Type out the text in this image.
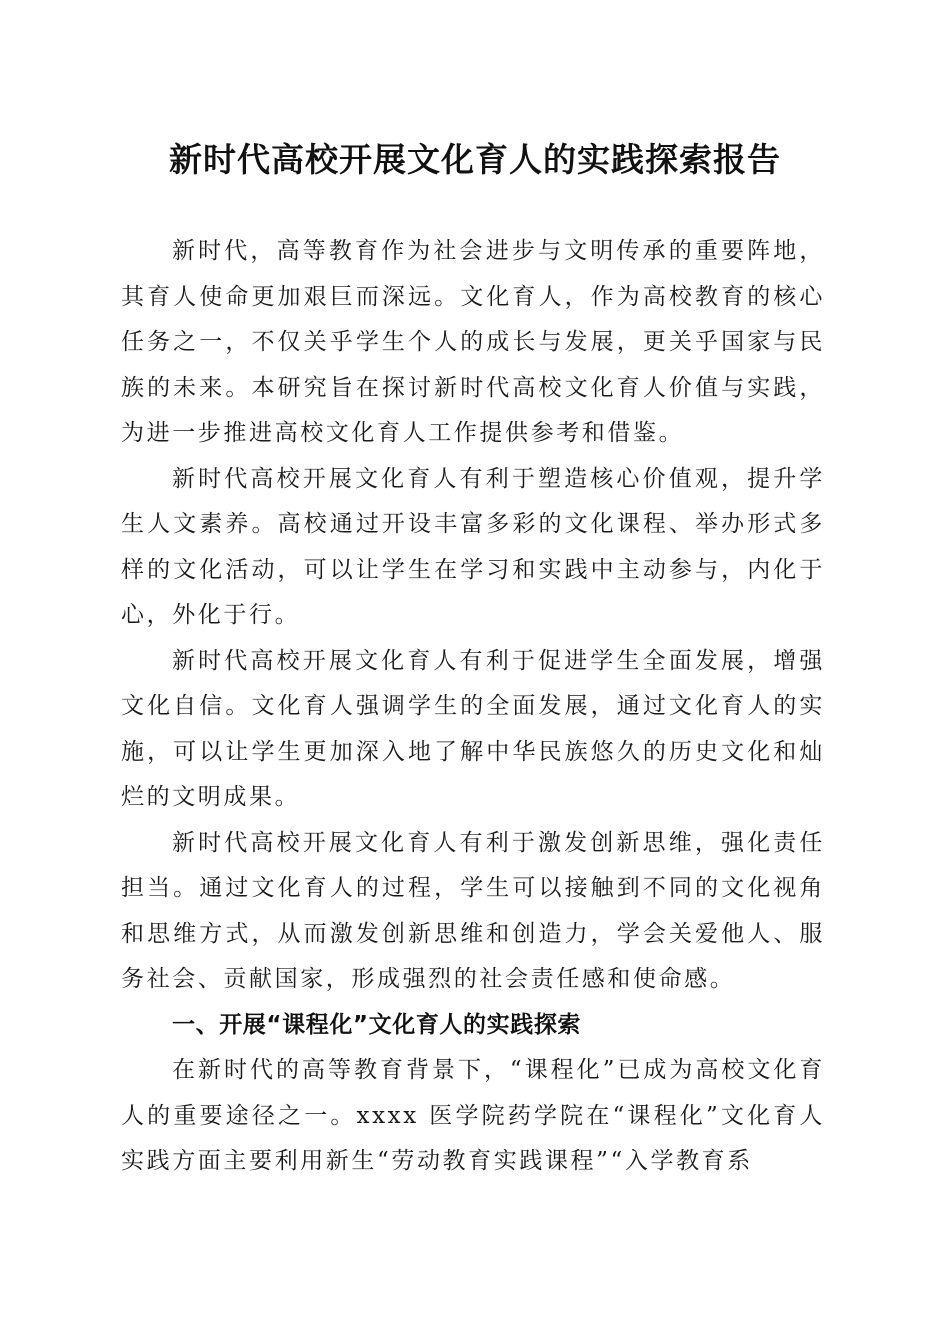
新时代高校开展文化育人的实践探索报告

新时代，高等教育作为社会进步与文明传承的重要阵地，其育人使命更加艰巨而深远。文化育人，作为高校教育的核心任务之一，不仅关乎学生个人的成长与发展，更关乎国家与民族的未来。本研究旨在探讨新时代高校文化育人价值与实践，为进一步推进高校文化育人工作提供参考和借鉴。

新时代高校开展文化育人有利于塑造核心价值观，提升学生人文素养。高校通过开设丰富多彩的文化课程、举办形式多样的文化活动，可以让学生在学习和实践中主动参与，内化于心，外化于行。

新时代高校开展文化育人有利于促进学生全面发展，增强文化自信。文化育人强调学生的全面发展，通过文化育人的实施，可以让学生更加深入地了解中华民族悠久的历史文化和灿烂的文明成果。

新时代高校开展文化育人有利于激发创新思维，强化责任担当。通过文化育人的过程，学生可以接触到不同的文化视角和思维方式，从而激发创新思维和创造力，学会关爱他人、服务社会、贡献国家，形成强烈的社会责任感和使命感。

一、开展“课程化”文化育人的实践探索

在新时代的高等教育背景下，“课程化”已成为高校文化育人的重要途径之一。xxxx 医学院药学院在“课程化”文化育人实践方面主要利用新生“劳动教育实践课程”“入学教育系
